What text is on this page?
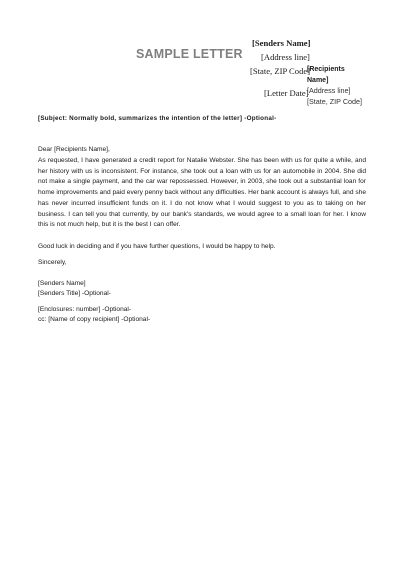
SAMPLE LETTER
[Senders Name]
[Address line]
[State, ZIP Code]
[Letter Date]
[Recipients
Name]
[Address line]
[State, ZIP Code]
[Subject: Normally bold, summarizes the intention of the letter] -Optional-
Dear [Recipients Name],
As requested, I have generated a credit report for Natalie Webster. She has been with us for quite a while, and her history with us is inconsistent. For instance, she took out a loan with us for an automobile in 2004. She did not make a single payment, and the car war repossessed. However, in 2003, she took out a substantial loan for home improvements and paid every penny back without any difficulties. Her bank account is always full, and she has never incurred insufficient funds on it. I do not know what I would suggest to you as to taking on her business. I can tell you that currently, by our bank's standards, we would agree to a small loan for her. I know this is not much help, but it is the best I can offer.
Good luck in deciding and if you have further questions, I would be happy to help.
Sincerely,
[Senders Name]
[Senders Title] -Optional-
[Enclosures: number] -Optional-
cc: [Name of copy recipient] -Optional-
